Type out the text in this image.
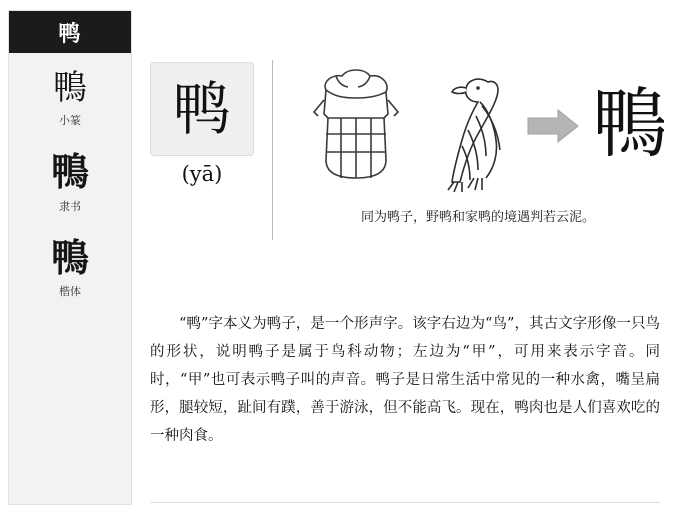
鸭
鴨
小篆
鴨
隶书
鴨
楷体
鸭
(yā)
鴨
同为鸭子，野鸭和家鸭的境遇判若云泥。
“鸭”字本义为鸭子，是一个形声字。该字右边为“鸟”，其古文字形像一只鸟的形状，说明鸭子是属于鸟科动物；左边为“甲”，可用来表示字音。同时，“甲”也可表示鸭子叫的声音。鸭子是日常生活中常见的一种水禽，嘴呈扁形，腿较短，趾间有蹼，善于游泳，但不能高飞。现在，鸭肉也是人们喜欢吃的一种肉食。
